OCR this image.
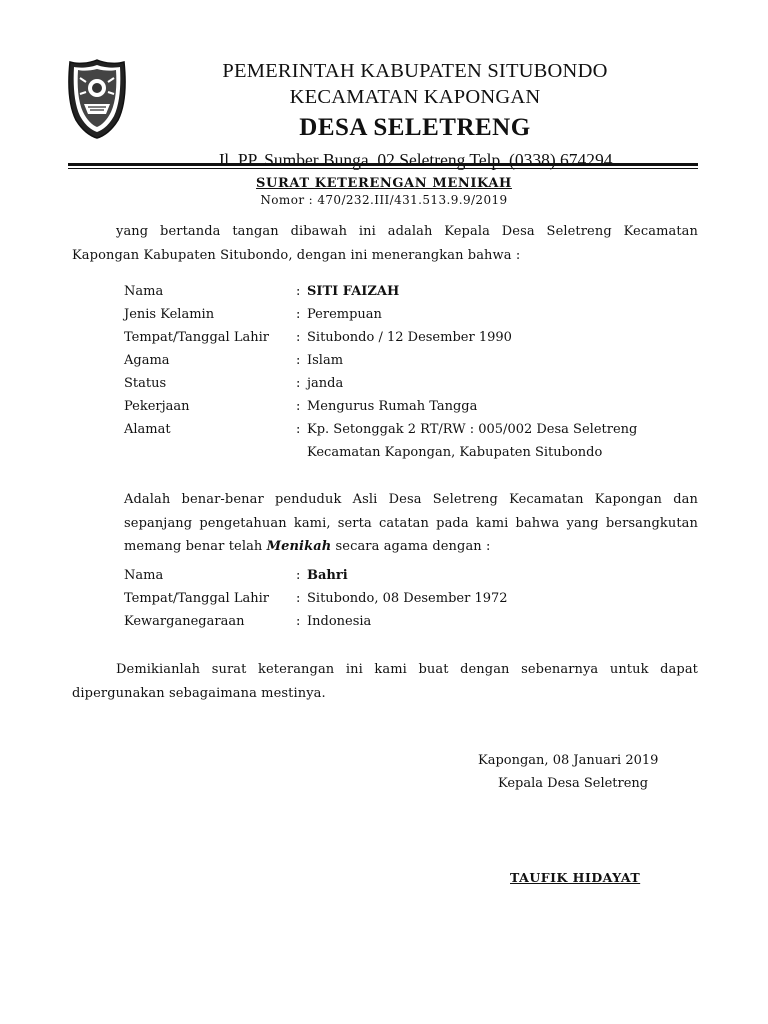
PEMERINTAH KABUPATEN SITUBONDO
KECAMATAN KAPONGAN
DESA SELETRENG
Jl. PP. Sumber Bunga. 02 Seletreng Telp. (0338) 674294
SURAT KETERENGAN MENIKAH
Nomor : 470/232.III/431.513.9.9/2019
yang bertanda tangan dibawah ini adalah Kepala Desa Seletreng Kecamatan Kapongan Kabupaten Situbondo, dengan ini menerangkan bahwa :
Nama	: SITI FAIZAH
Jenis Kelamin	: Perempuan
Tempat/Tanggal Lahir : Situbondo / 12 Desember 1990
Agama	: Islam
Status	: janda
Pekerjaan	: Mengurus Rumah Tangga
Alamat	: Kp. Setonggak 2 RT/RW : 005/002 Desa Seletreng
Kecamatan Kapongan, Kabupaten Situbondo
Adalah benar-benar penduduk Asli Desa Seletreng Kecamatan Kapongan dan sepanjang pengetahuan kami, serta catatan pada kami bahwa yang bersangkutan memang benar telah Menikah secara agama dengan :
Nama	: Bahri
Tempat/Tanggal Lahir : Situbondo, 08 Desember 1972
Kewarganegaraan	: Indonesia
Demikianlah surat keterangan ini kami buat dengan sebenarnya untuk dapat dipergunakan sebagaimana mestinya.
Kapongan, 08 Januari 2019
Kepala Desa Seletreng
TAUFIK HIDAYAT
